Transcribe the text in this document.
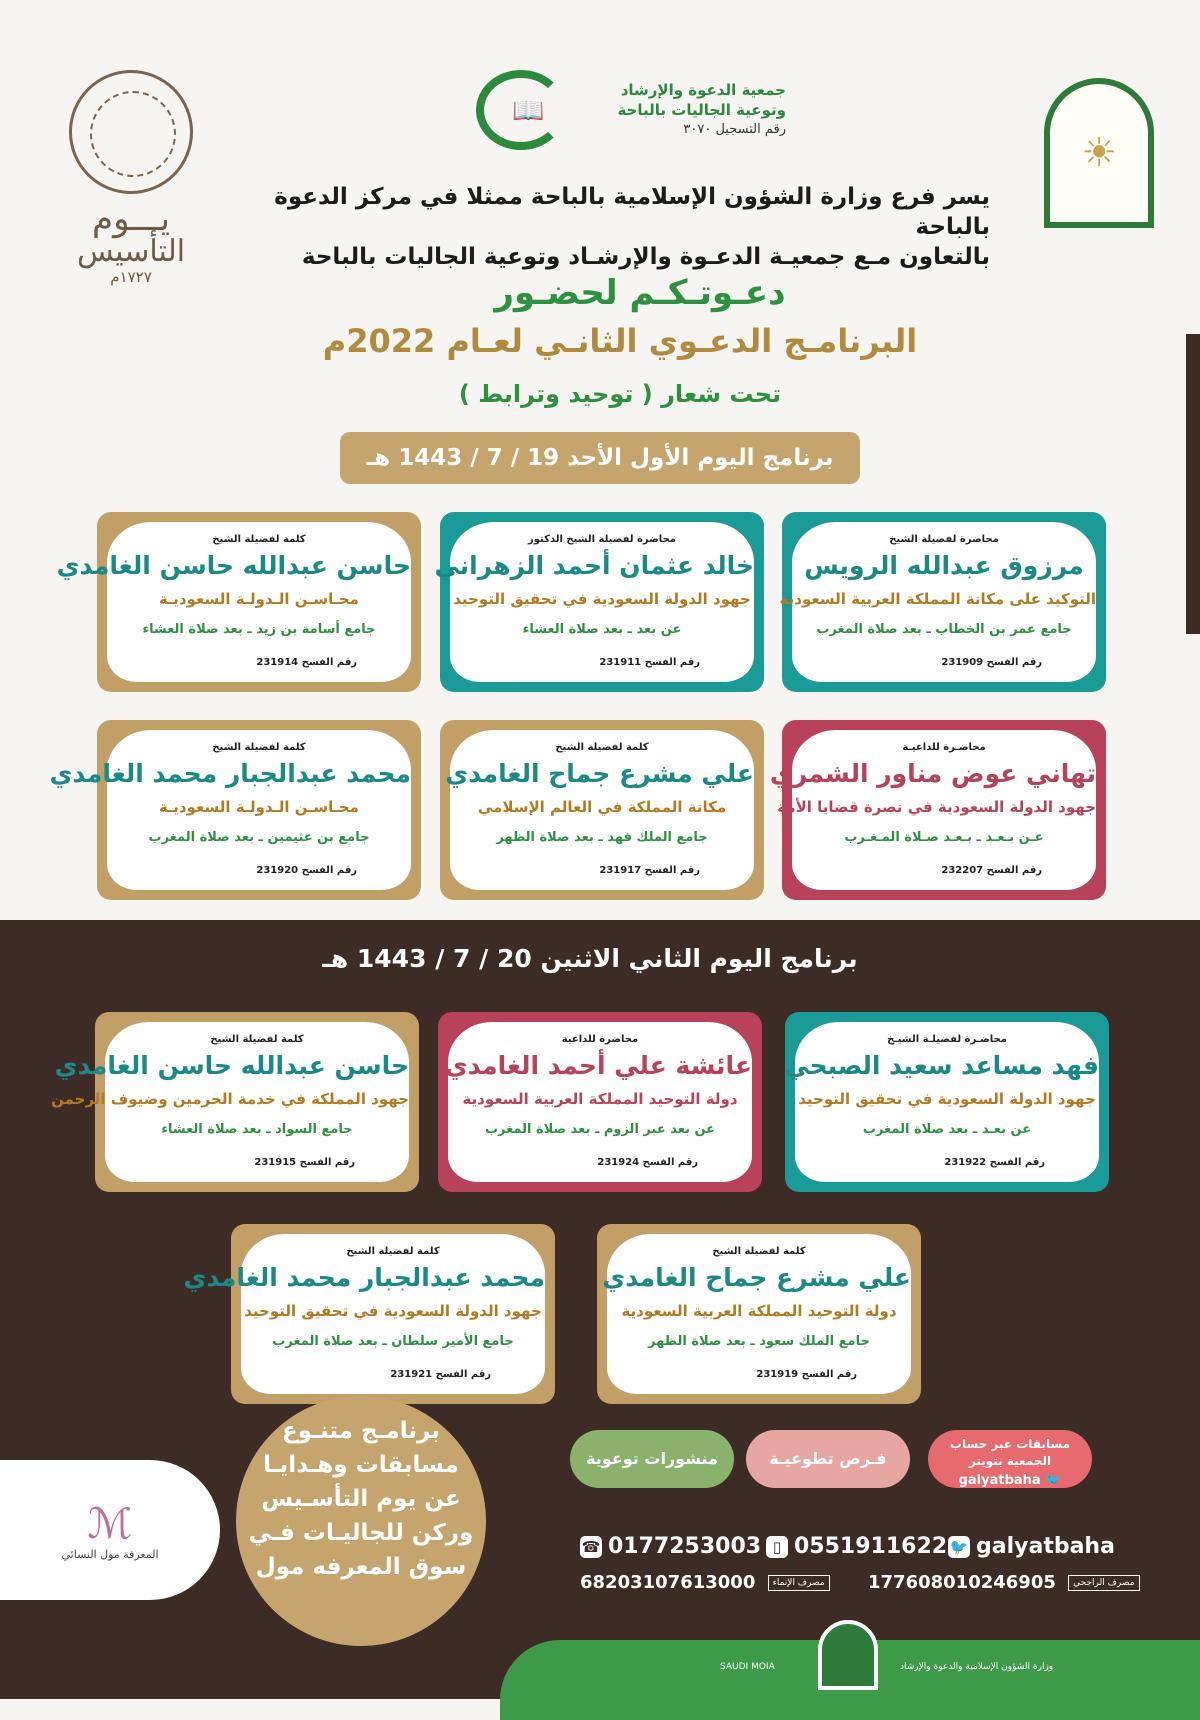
☀
📖
جمعية الدعوة والإرشاد
وتوعية الجاليات بالباحة
رقم التسجيل ٣٠٧٠
يـــوم
التأسيس
١٧٢٧م
يسر فرع وزارة الشؤون الإسلامية بالباحة ممثلا في مركز الدعوة بالباحة
بالتعاون مـع جمعيـة الدعـوة والإرشـاد وتوعية الجاليات بالباحة
دعـوتـكـم لحضـور
البرنامـج الدعـوي الثانـي لعـام 2022م
تحت شعار ( توحيد وترابط )
برنامج اليوم الأول الأحد 19 / 7 / 1443 هـ
محاضرة لفضيلة الشيخ
مرزوق عبدالله الرويس
التوكيد على مكانة المملكة العربية السعودية
جامع عمر بن الخطاب ـ بعد صلاة المغرب
رقم الفسح 231909
محاضرة لفضيلة الشيخ الدكتور
خالد عثمان أحمد الزهراني
جهود الدولة السعودية في تحقيق التوحيد
عن بعد ـ بعد صلاة العشاء
رقم الفسح 231911
كلمة لفضيلة الشيخ
حاسن عبدالله حاسن الغامدي
محـاسـن الـدولـة السعوديـة
جامع أسامة بن زيد ـ بعد صلاة العشاء
رقم الفسح 231914
محاضـرة للداعيـة
تهاني عوض مناور الشمري
جهود الدولة السعودية في نصرة قضايا الأمة
عـن بـعـد ـ بـعـد صـلاة المـغـرب
رقم الفسح 232207
كلمة لفضيلة الشيخ
علي مشرع جماح الغامدي
مكانة المملكة في العالم الإسلامي
جامع الملك فهد ـ بعد صلاة الظهر
رقم الفسح 231917
كلمة لفضيلة الشيخ
محمد عبدالجبار محمد الغامدي
محـاسـن الـدولـة السعوديـة
جامع بن عثيمين ـ بعد صلاة المغرب
رقم الفسح 231920
برنامج اليوم الثاني الاثنين 20 / 7 / 1443 هـ
محاضـرة لفضيلـة الشيـخ
فهد مساعد سعيد الصبحي
جهود الدولة السعودية في تحقيق التوحيد
عن بعـد ـ بعد صلاة المغرب
رقم الفسح 231922
محاضرة للداعية
عائشة علي أحمد الغامدي
دولة التوحيد المملكة العربية السعودية
عن بعد عبر الزوم ـ بعد صلاة المغرب
رقم الفسح 231924
كلمة لفضيلة الشيخ
حاسن عبدالله حاسن الغامدي
جهود المملكة في خدمة الحرمين وضيوف الرحمن
جامع السواد ـ بعد صلاة العشاء
رقم الفسح 231915
كلمة لفضيلة الشيخ
علي مشرع جماح الغامدي
دولة التوحيد المملكة العربية السعودية
جامع الملك سعود ـ بعد صلاة الظهر
رقم الفسح 231919
كلمة لفضيلة الشيخ
محمد عبدالجبار محمد الغامدي
جهود الدولة السعودية في تحقيق التوحيد
جامع الأمير سلطان ـ بعد صلاة المغرب
رقم الفسح 231921
ℳ
المعرفة مول النسائي
برنامـج متنـوع
مسابقات وهـدايـا
عن يوم التأسـيس
وركن للجاليـات فـي
سوق المعرفه مول
مسابقات عبر حساب
الجمعية بتويتر
🐦 galyatbaha
فـرص تطوعيـة
منشورات توعوية
🐦 galyatbaha
▯ 0551911622
☎ 0177253003
177608010246905 مصرف الراجحي
68203107613000 مصرف الإنماء
SAUDI MOIA	وزارة الشؤون الإسلامية والدعوة والإرشاد
